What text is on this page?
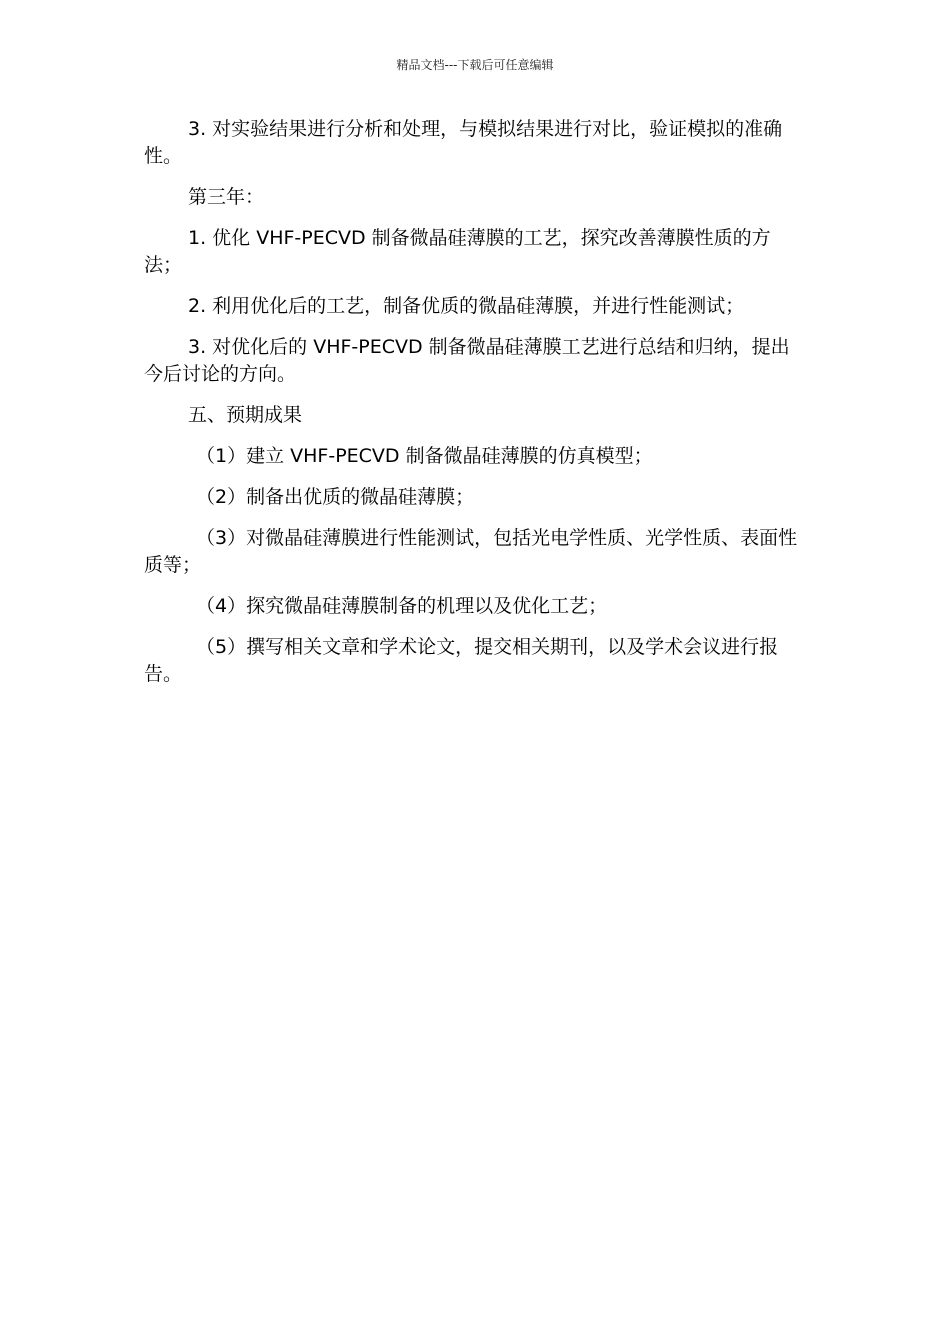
精品文档---下载后可任意编辑

3. 对实验结果进行分析和处理，与模拟结果进行对比，验证模拟的准确性。

第三年：

1. 优化 VHF-PECVD 制备微晶硅薄膜的工艺，探究改善薄膜性质的方法；

2. 利用优化后的工艺，制备优质的微晶硅薄膜，并进行性能测试；

3. 对优化后的 VHF-PECVD 制备微晶硅薄膜工艺进行总结和归纳，提出今后讨论的方向。

五、预期成果

（1）建立 VHF-PECVD 制备微晶硅薄膜的仿真模型；

（2）制备出优质的微晶硅薄膜；

（3）对微晶硅薄膜进行性能测试，包括光电学性质、光学性质、表面性质等；

（4）探究微晶硅薄膜制备的机理以及优化工艺；

（5）撰写相关文章和学术论文，提交相关期刊，以及学术会议进行报告。
